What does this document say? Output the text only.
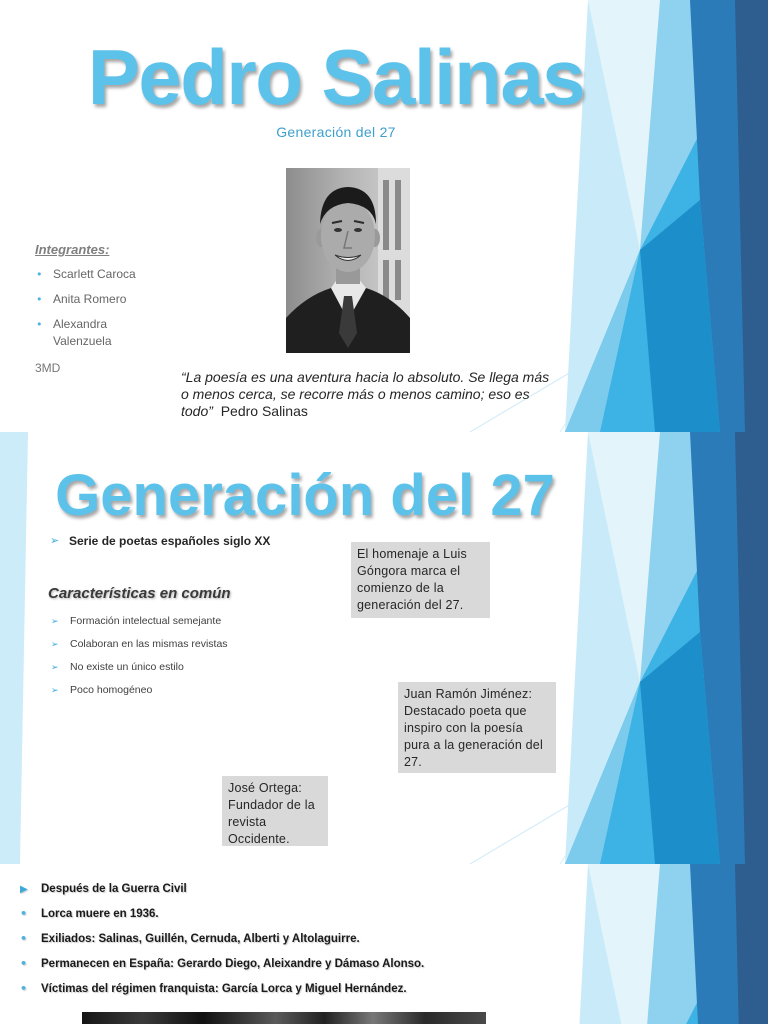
Pedro Salinas
Generación del 27
Integrantes:
•
Scarlett Caroca
•
Anita Romero
•
Alexandra Valenzuela
3MD

“La poesía es una aventura hacia lo absoluto. Se llega más o menos cerca, se recorre más o menos camino; eso es todo” Pedro Salinas

Generación del 27
➢
Serie de poetas españoles siglo XX
Características en común
➢
Formación intelectual semejante
➢
Colaboran en las mismas revistas
➢
No existe un único estilo
➢
Poco homogéneo
El homenaje a Luis Góngora marca el comienzo de la generación del 27.
Juan Ramón Jiménez: Destacado poeta que inspiro con la poesía pura a la generación del 27.
José Ortega: Fundador de la revista Occidente.
▶
Después de la Guerra Civil
•
Lorca muere en 1936.
•
Exiliados: Salinas, Guillén, Cernuda, Alberti y Altolaguirre.
•
Permanecen en España: Gerardo Diego, Aleixandre y Dámaso Alonso.
•
Víctimas del régimen franquista: García Lorca y Miguel Hernández.
